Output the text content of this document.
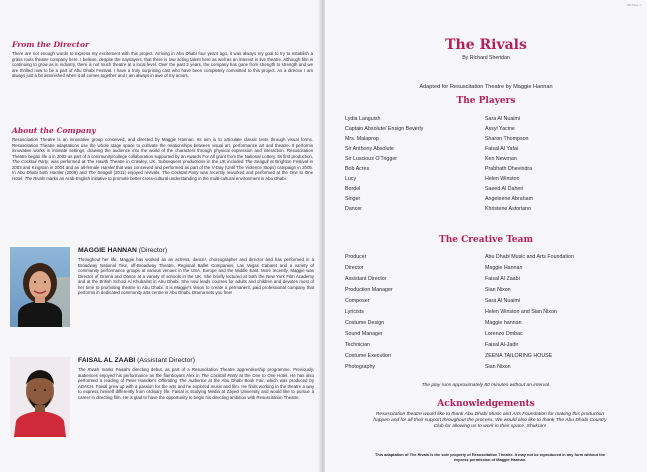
From the Director

There are not enough words to express my excitement with this project. Arriving in Abu Dhabi four years ago, it was always my goal to try to establish a grass roots theatre company here. I believe, despite the naysayers, that there is raw acting talent here as well as an interest in live theatre. Although film is continuing to grow as in industry, there is not much theatre at a local level. Over the past 2 years, the company has gone from strength to strength and we are thrilled now to be a part of Abu Dhabi Festival. I have a truly surprising cast who have been completely committed to this project. As a director I am always just a bit astonished when it all comes together and I am always in awe of my actors.

About the Company

Resuscitation Theatre is an innovative group conceived, and directed by Maggie Hannan. Its aim is to articulate classic texts through visual forms. Resuscitation Theatre adaptations use the whole stage space to cultivate the relationships between visual art, performance art and theatre. It performs innovative works in intimate settings, drawing the audience into the world of the characters through physical expression and interaction. Resuscitation Theatre began life a in 2002 as part of a community/college collaboration supported by an Awards For All grant from the National Lottery. Its first production, The Cocktail Party, was performed at The Hawth Theatre in Crawley, UK. Subsequent productions in the UK included The Seagull at Brighton Festival in 2003 and Kingston in 2004 and an all-female Hamlet that was conceived and performed as part of the V-Day (Until The Violence Stops) campaign in 2005. In Abu Dhabi both Hamlet (2009) and The Seagull (2011) enjoyed revivals. The Cocktail Party was recently reworked and performed at the One to One Hotel. The Rivals marks an Arab-English initiative to promote better cross-cultural understanding in the multi-cultural environment in Abu Dhabi.

MAGGIE HANNAN (Director)

Throughout her life, Maggie has worked as an actress, dancer, choreographer and director and has performed in a Broadway National Tour, off-Broadway Theatre, Regional Ballet Companies, Las Vegas Cabaret and a variety of community performance groups at various venues in the USA, Europe and the Middle East. More recently, Maggie was Director of Drama and Dance at a variety of schools in the UK. She briefly lectured at both the New York Film Academy and at the British School Al Khubairat in Abu Dhabi. She now leads courses for adults and children and devotes most of her time to promoting theatre in Abu Dhabi. It is Maggie's vision to create a permanent, paid professional company that performs in dedicated community arts centre in Abu Dhabi. Drama sets you free!

FAISAL AL ZAABI (Assistant Director)

The Rivals marks Faisal's directing debut, as part of a Resuscitation Theatre apprenticeship programme. Previously, audiences enjoyed his performance as the flamboyant Alex in The Cocktail Party at the One to One Hotel. He has also performed a reading of Peter Handke's Offending The Audience at the Abu Dhabi Book Fair, which was produced by ADACH. Faisal grew up with a passion for the arts and he explored music and film. He finds working in the theatre a way to express himself differently from ordinary life. Faisal is studying Media at Zayed University and would like to pursue a career in directing film. He is glad to have the opportunity to begin his directing ambition with Resuscitation Theatre.

3B-Pass-1
The Rivals
By Richard Sheridan
Adapted for Resuscitation Theatre by Maggie Hannan
The Players
Lydia Languish	Sara Al Nuaimi
Captain Absolute/ Ensign Beverly	Assyl Yacine
Mrs. Malaprop	Sharon Thompson
Sir Anthony Absolute	Faisal Al Yafai
Sir Luscious O'Trigger	Ken Newman
Bob Acres	Prabhath Dhevindra
Lucy	Helen Winston
Bordel	Saeed Al Daheri
Singer	Angeleene Abraham
Dancer	Khristene Astoriano
The Creative Team
Producer	Abu Dhabi Music and Arts Foundation
Director	Maggie Hannan
Assistant Director	Faisal Al Zaabi
Production Manager	Sian Nixon
Composer	Sara Al Nuaimi
Lyricists	Helen Winston and Sian Nixon
Costume Design	Maggie hannan
Sound Manager	Lorenzo Ombac
Technician	Faisal Al-Jadir
Costume Execution	ZEENA TAILORING HOUSE
Photography	Sian Nixon
The play runs approximately 80 minutes without an interval.
Acknowledgements

Resuscitation theatre would like to thank Abu Dhabi Music and Arts Foundation for making this production happen and for all their support throughout the process. We would also like to thank The Abu Dhabi Country Club for allowing us to work in their space. Shukran!

This adaptation of The Rivals is the sole property of Resuscitation Theatre. It may not be reproduced in any form without the express permission of Maggie Hannan.
